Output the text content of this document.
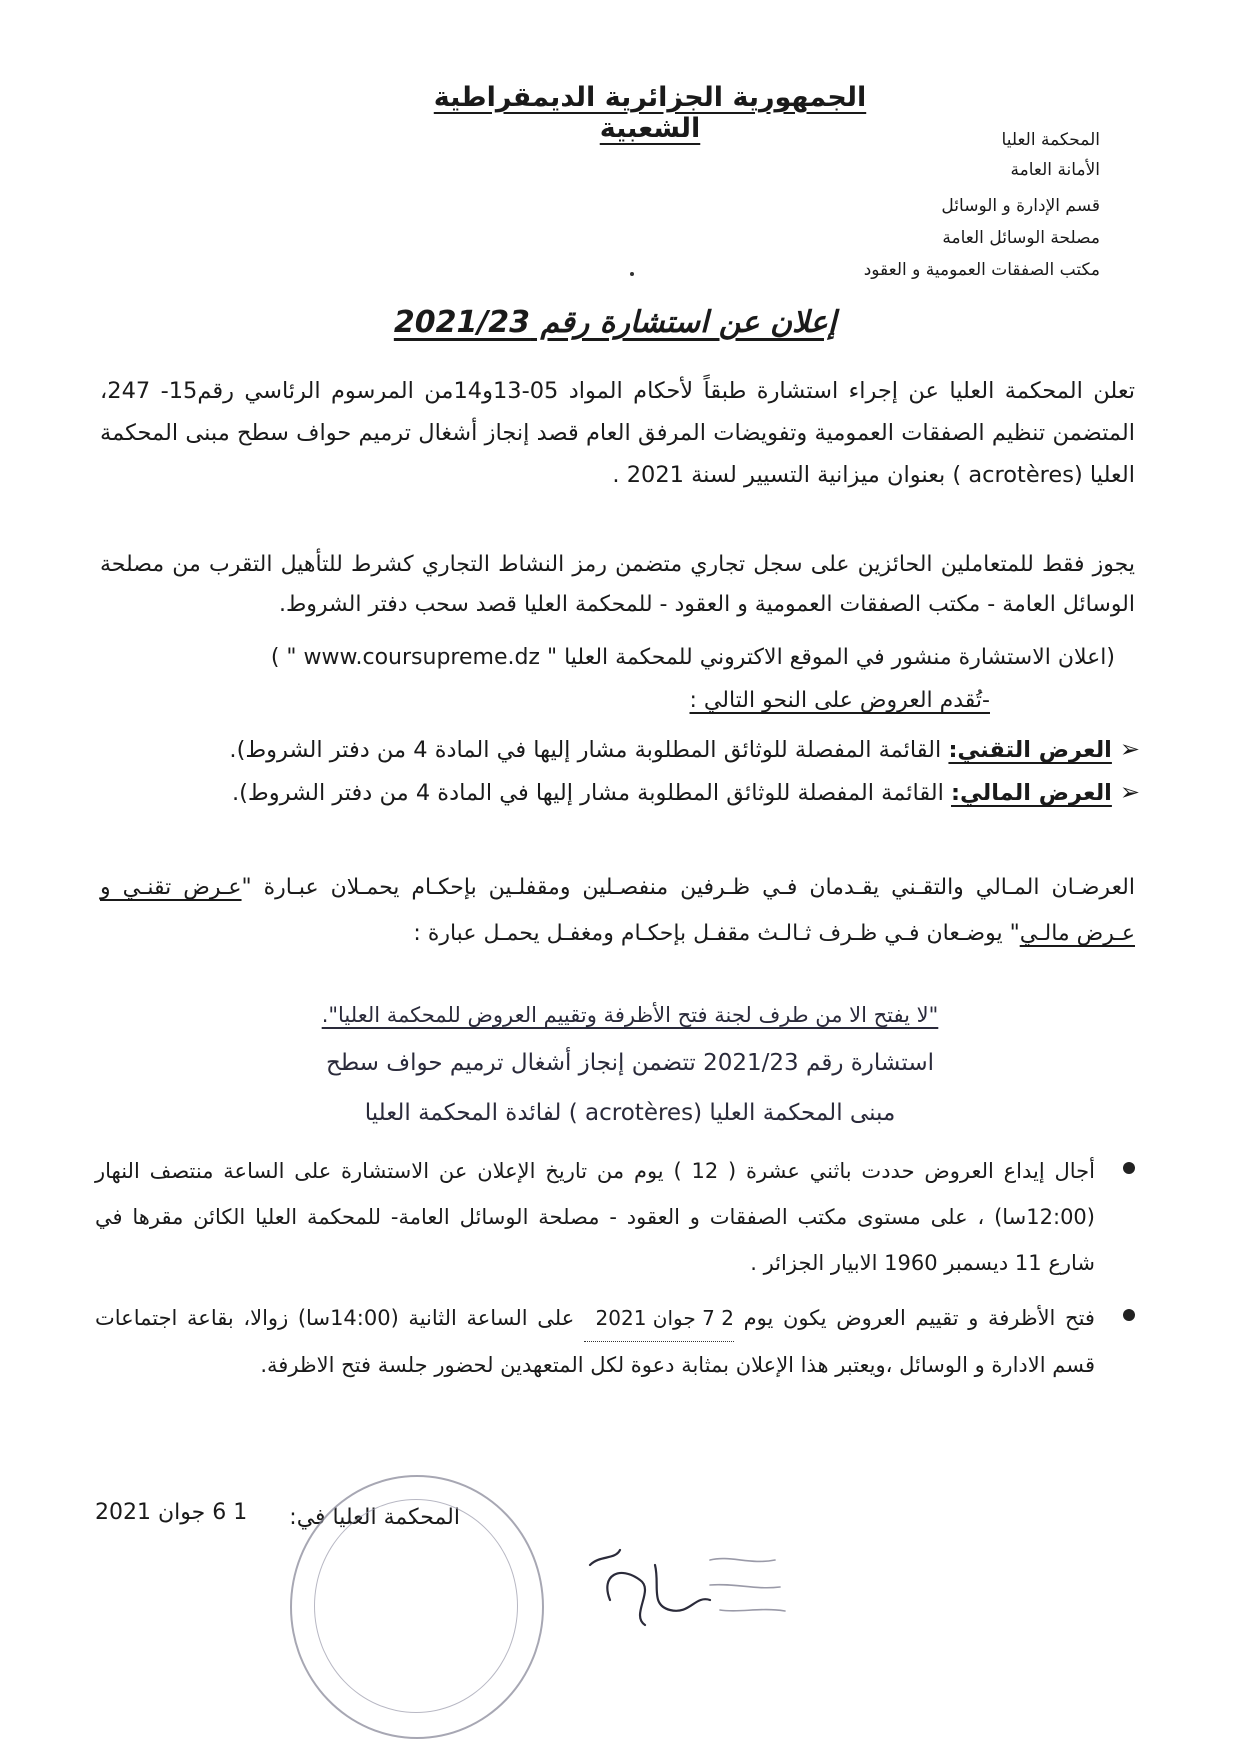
الجمهورية الجزائرية الديمقراطية الشعبية	المحكمة العليا
الأمانة العامة
قسم الإدارة و الوسائل
مصلحة الوسائل العامة
مكتب الصفقات العمومية و العقود
إعلان عن استشارة رقم 2021/23
تعلن المحكمة العليا عن إجراء استشارة طبقاً لأحكام المواد 05-13و14من المرسوم الرئاسي رقم15- 247، المتضمن تنظيم الصفقات العمومية وتفويضات المرفق العام قصد إنجاز أشغال ترميم حواف سطح مبنى المحكمة العليا (acrotères ) بعنوان ميزانية التسيير لسنة 2021 .
يجوز فقط للمتعاملين الحائزين على سجل تجاري متضمن رمز النشاط التجاري كشرط للتأهيل التقرب من مصلحة الوسائل العامة - مكتب الصفقات العمومية و العقود - للمحكمة العليا قصد سحب دفتر الشروط.
(اعلان الاستشارة منشور في الموقع الاكتروني للمحكمة العليا " www.coursupreme.dz " )
-تُقدم العروض على النحو التالي :
➢العرض التقني: القائمة المفصلة للوثائق المطلوبة مشار إليها في المادة 4 من دفتر الشروط).
➢العرض المالي: القائمة المفصلة للوثائق المطلوبة مشار إليها في المادة 4 من دفتر الشروط).
العرضـان المـالي والتقـني يقـدمان فـي ظـرفين منفصـلين ومقفلـين بإحكـام يحمـلان عبـارة "عـرض تقنـي و عـرض مالـي" يوضـعان فـي ظـرف ثـالـث مقفـل بإحكـام ومغفـل يحمـل عبارة :
"لا يفتح الا من طرف لجنة فتح الأظرفة وتقييم العروض للمحكمة العليا".
استشارة رقم 2021/23 تتضمن إنجاز أشغال ترميم حواف سطح
مبنى المحكمة العليا (acrotères ) لفائدة المحكمة العليا
أجال إيداع العروض حددت باثني عشرة ( 12 ) يوم من تاريخ الإعلان عن الاستشارة على الساعة منتصف النهار (12:00سا) ، على مستوى مكتب الصفقات و العقود - مصلحة الوسائل العامة- للمحكمة العليا الكائن مقرها في شارع 11 ديسمبر 1960 الابيار الجزائر .
فتح الأظرفة و تقييم العروض يكون يوم 2 7 جوان 2021 على الساعة الثانية (14:00سا) زوالا، بقاعة اجتماعات قسم الادارة و الوسائل ،ويعتبر هذا الإعلان بمثابة دعوة لكل المتعهدين لحضور جلسة فتح الاظرفة.
1 6 جوان 2021	المحكمة العليا في:
